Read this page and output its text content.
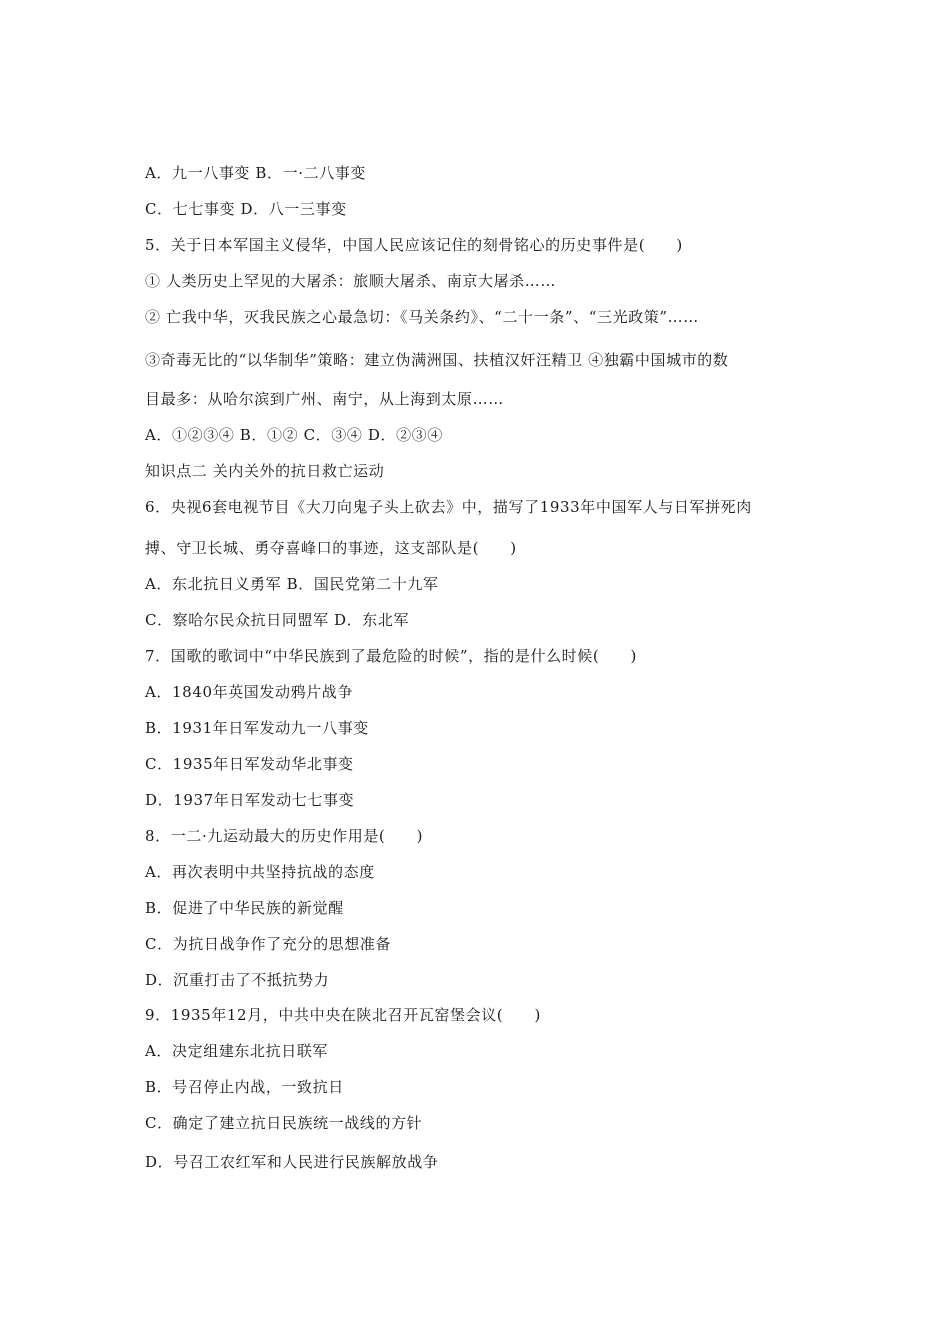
A．九一八事变 B．一·二八事变
C．七七事变 D．八一三事变
5．关于日本军国主义侵华，中国人民应该记住的刻骨铭心的历史事件是(　　)
① 人类历史上罕见的大屠杀：旅顺大屠杀、南京大屠杀……
② 亡我中华，灭我民族之心最急切：《马关条约》、“二十一条”、“三光政策”……
③奇毒无比的“以华制华”策略：建立伪满洲国、扶植汉奸汪精卫 ④独霸中国城市的数
目最多：从哈尔滨到广州、南宁，从上海到太原……
A．①②③④ B．①② C．③④ D．②③④
知识点二 关内关外的抗日救亡运动
6．央视6套电视节目《大刀向鬼子头上砍去》中，描写了1933年中国军人与日军拼死肉
搏、守卫长城、勇夺喜峰口的事迹，这支部队是(　　)
A．东北抗日义勇军 B．国民党第二十九军
C．察哈尔民众抗日同盟军 D．东北军
7．国歌的歌词中“中华民族到了最危险的时候”，指的是什么时候(　　)
A．1840年英国发动鸦片战争
B．1931年日军发动九一八事变
C．1935年日军发动华北事变
D．1937年日军发动七七事变
8．一二·九运动最大的历史作用是(　　)
A．再次表明中共坚持抗战的态度
B．促进了中华民族的新觉醒
C．为抗日战争作了充分的思想准备
D．沉重打击了不抵抗势力
9．1935年12月，中共中央在陕北召开瓦窑堡会议(　　)
A．决定组建东北抗日联军
B．号召停止内战，一致抗日
C．确定了建立抗日民族统一战线的方针
D．号召工农红军和人民进行民族解放战争
